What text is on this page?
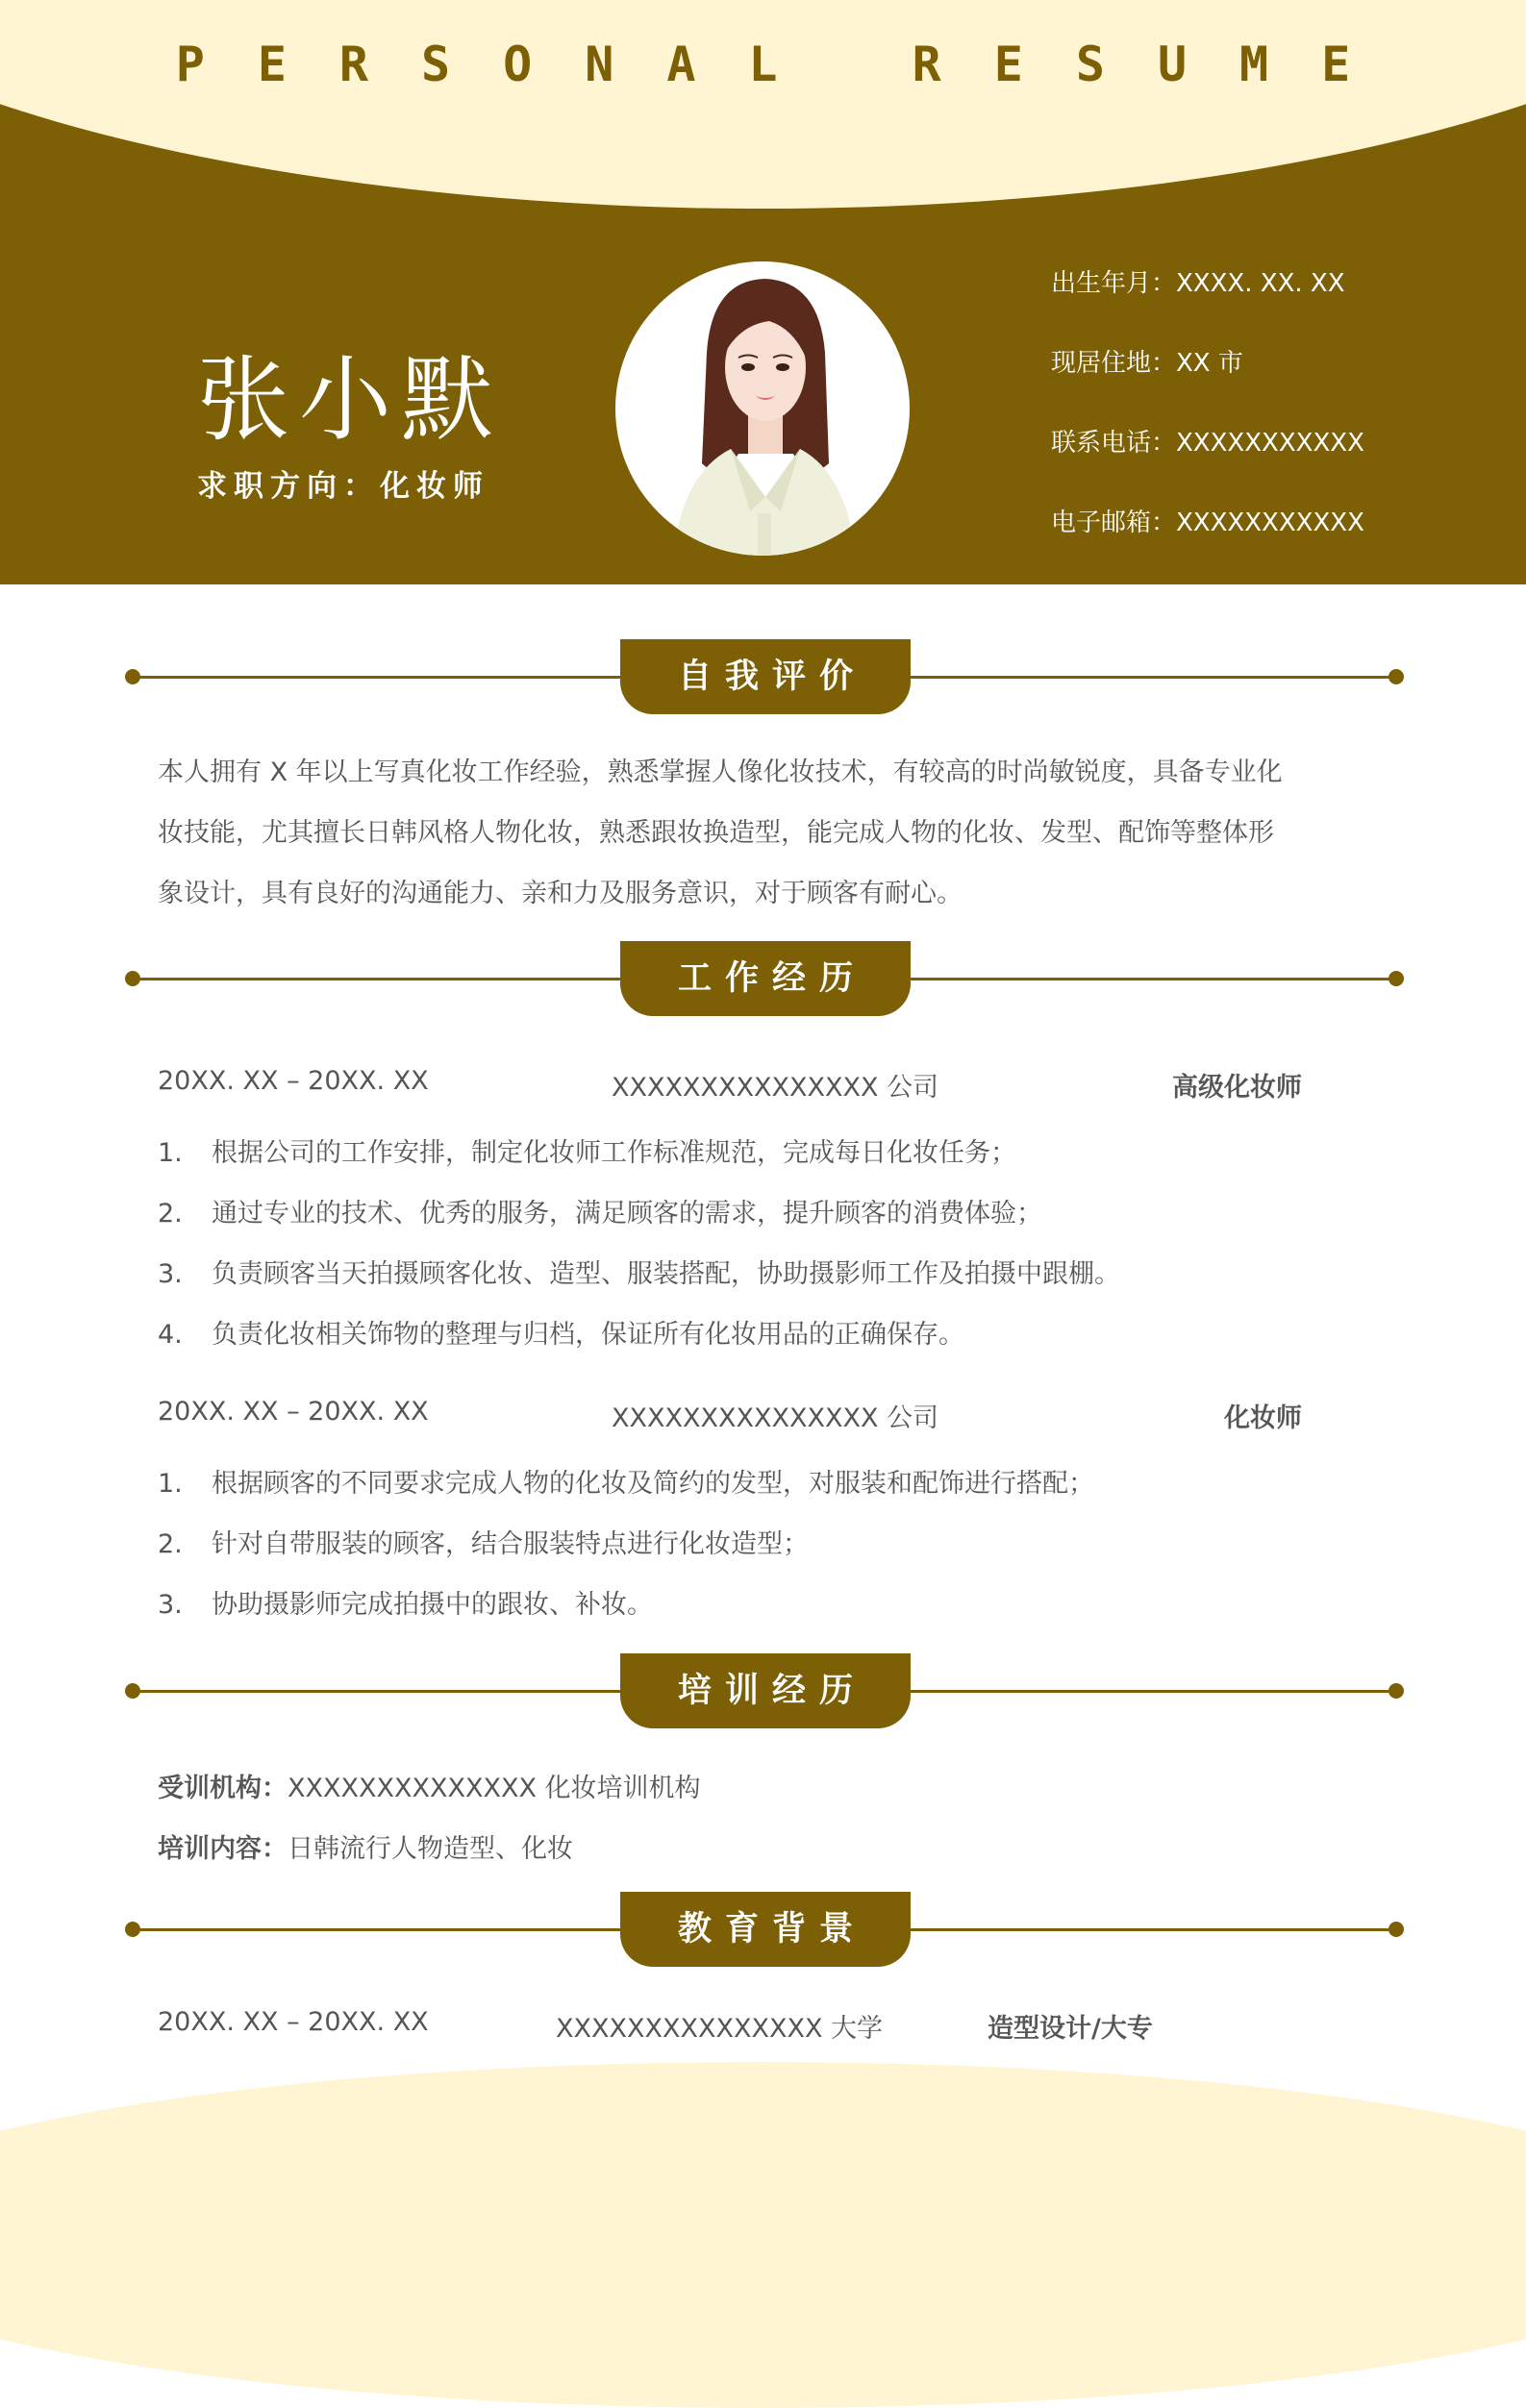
PERSONAL RESUME
张小默
求职方向：化妆师
出生年月：XXXX. XX. XX
现居住地：XX 市
联系电话：XXXXXXXXXXX
电子邮箱：XXXXXXXXXXX
自我评价
本人拥有 X 年以上写真化妆工作经验，熟悉掌握人像化妆技术，有较高的时尚敏锐度，具备专业化
妆技能，尤其擅长日韩风格人物化妆，熟悉跟妆换造型，能完成人物的化妆、发型、配饰等整体形
象设计，具有良好的沟通能力、亲和力及服务意识，对于顾客有耐心。
工作经历
20XX. XX – 20XX. XX	XXXXXXXXXXXXXXX 公司	高级化妆师
1. 根据公司的工作安排，制定化妆师工作标准规范，完成每日化妆任务；
2. 通过专业的技术、优秀的服务，满足顾客的需求，提升顾客的消费体验；
3. 负责顾客当天拍摄顾客化妆、造型、服装搭配，协助摄影师工作及拍摄中跟棚。
4. 负责化妆相关饰物的整理与归档，保证所有化妆用品的正确保存。
20XX. XX – 20XX. XX	XXXXXXXXXXXXXXX 公司	化妆师
1. 根据顾客的不同要求完成人物的化妆及简约的发型，对服装和配饰进行搭配；
2. 针对自带服装的顾客，结合服装特点进行化妆造型；
3. 协助摄影师完成拍摄中的跟妆、补妆。
培训经历
受训机构：XXXXXXXXXXXXXX 化妆培训机构
培训内容：日韩流行人物造型、化妆
教育背景
20XX. XX – 20XX. XX	XXXXXXXXXXXXXXX 大学	造型设计/大专
